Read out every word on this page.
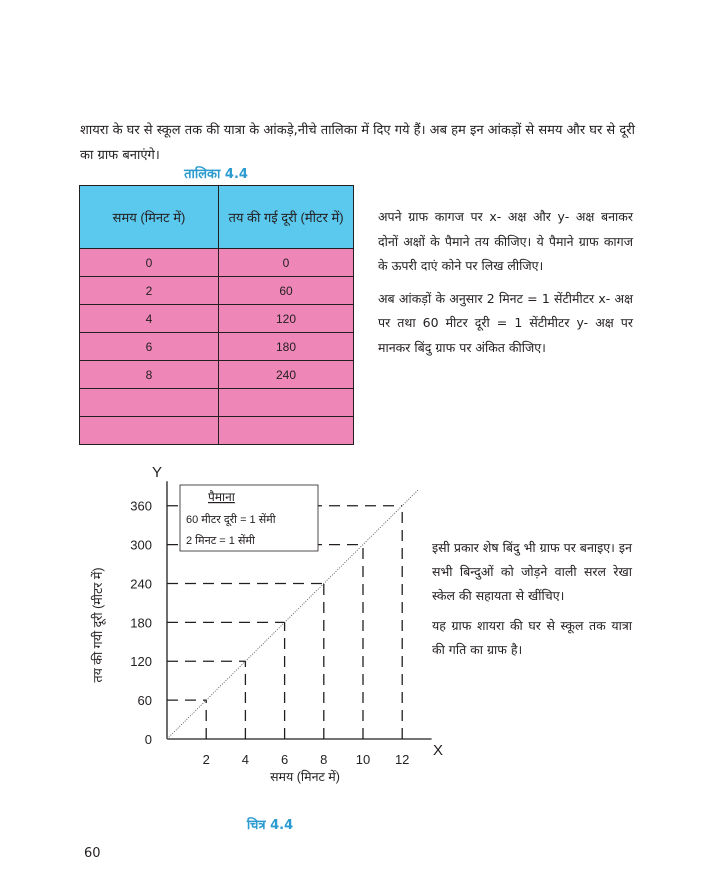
शायरा के घर से स्कूल तक की यात्रा के आंकड़े,नीचे तालिका में दिए गये हैं। अब हम इन आंकड़ों से समय और घर से दूरी का ग्राफ बनाएंगे।
तालिका 4.4
समय (मिनट में)	तय की गई दूरी (मीटर में)
0	0
2	60
4	120
6	180
8	240

अपने ग्राफ कागज पर x- अक्ष और y- अक्ष बनाकर दोनों अक्षों के पैमाने तय कीजिए। ये पैमाने ग्राफ कागज के ऊपरी दाएं कोने पर लिख लीजिए।

अब आंकड़ों के अनुसार 2 मिनट = 1 सेंटीमीटर x- अक्ष पर तथा 60 मीटर दूरी = 1 सेंटीमीटर y- अक्ष पर मानकर बिंदु ग्राफ पर अंकित कीजिए।

2 4 6 8 10 12
0
60
120
180
240
300
360
Y
X
समय (मिनट में)
तय की गयी दूरी (मीटर में)
पैमाना
60 मीटर दूरी = 1 सेंमी
2 मिनट = 1 सेंमी	इसी प्रकार शेष बिंदु भी ग्राफ पर बनाइए। इन सभी बिन्दुओं को जोड़ने वाली सरल रेखा स्केल की सहायता से खींचिए।

यह ग्राफ शायरा की घर से स्कूल तक यात्रा की गति का ग्राफ है।

चित्र 4.4
60
